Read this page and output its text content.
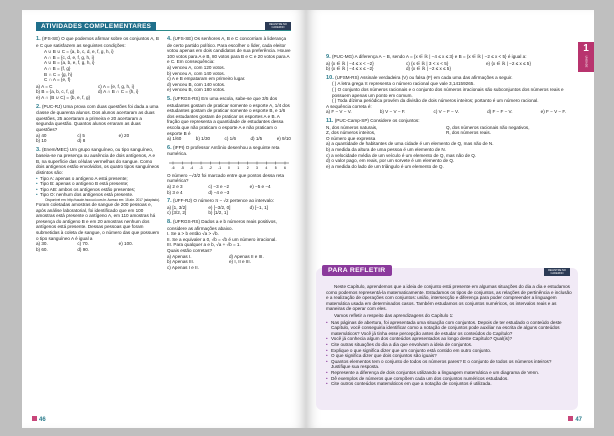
ATIVIDADES COMPLEMENTARES	REGISTRE NO CADERNO
1. (IFS-SE) O que podemos afirmar sobre os conjuntos A, B e C que satisfazem as seguintes condições:
A ∪ B ∪ C = {a, b, c, d, e, f, g, h, i}
A ∩ B = {c, d, e, f, g, h, i}
A ∪ B = {a, b, e, f, g, h, i}
A ∩ B = {f, g}
B ∩ C = {g, h}
C ∩ A = {e, f}
a) A = C	c) A = {e, f, g, h, i}
b) B = {a, b, c, f, g}	d) A ∩ B ∩ C = {h, i}
e) A ∩ (B ∪ C) = {b, e, f, g}
2. (PUC-RJ) Uma prova com duas questões foi dada a uma classe de quarenta alunos. Dos alunos acertaram as duas questões, 25 acertaram a primeira e 20 acertaram a segunda questão. Quantos alunos erraram as duas questões?
a) 40	c) 5	e) 20
b) 10	d) 8
3. (Enem/MEC) Um grupo sanguíneo, ou tipo sanguíneo, baseia-se na presença ou ausência de dois antígenos, A e B, na superfície das células vermelhas do sangue. Como dois antígenos estão envolvidos, os quatro tipos sanguíneos distintos são:
• Tipo A: apenas o antígeno A está presente;
• Tipo B: apenas o antígeno B está presente;
• Tipo AB: ambos os antígenos estão presentes;
• Tipo O: nenhum dos antígenos está presente.
Disponível em: http://saude.hsw.uol.com.br. Acesso em: 15 abr. 2017 (adaptado).
Foram coletadas amostras de sangue de 200 pessoas e, após análise laboratorial, foi identificado que em 100 amostras está presente o antígeno A, em 110 amostras há presença do antígeno B e em 20 amostras nenhum dos antígenos está presente. Dessas pessoas que foram submetidas à coleta de sangue, o número das que possuem o tipo sanguíneo A é igual a
a) 30.	c) 70.	e) 100.
b) 60.	d) 90.
4. (UFS-SE) Os senhores A, B e C concorriam à liderança de certo partido político. Para escolher o líder, cada eleitor votou apenas em dois candidatos de sua preferência. Houve 100 votos para A e B, 80 votos para B e C e 20 votos para A e C. Em consequência:
a) venceu A, com 120 votos.
b) venceu A, com 140 votos.
c) A e B empataram em primeiro lugar.
d) venceu B, com 140 votos.
e) venceu B, com 180 votos.
5. (UFRGS-RS) Em uma escola, sabe-se que 3/5 dos estudantes gostam de praticar somente o esporte A, 1/4 dos estudantes gostam de praticar somente o esporte B, e 1/6 dos estudantes gostam de praticar os esportes A e B. A fração que representa a quantidade de estudantes dessa escola que não praticam o esporte A e não praticam o esporte B é
a) 1/60	b) 1/30	c) 1/6	d) 1/5	e) 9/10
6. (IFPI) O professor Antônio desenhou a seguinte reta numérica.
-6 -5 -4 -3 -2 -1 0 1 2 3 4 5 6
O número −√3/2 foi marcado entre que pontos dessa reta numérica?
a) 2 e 3	c) −3 e −2	e) −5 e −4
b) 3 e 4	d) −4 e −3
7. (UFF-RJ) O número π − √2 pertence ao intervalo:
a) [1, 3/2]	e) [−3/2, 0]	d) [−1, 1]
c) [3/2, 2]	b) [1/2, 1]
8. (UFRGS-RS) Dados a e b números reais positivos, considere as afirmações abaixo.
I. Se a > b então √a > √b.
II. Se a equivaler a 0, √b = √b é um número irracional.
III. Para qualquer a e b, √a + √b = 1.
Quais estão corretas?
a) Apenas I.	d) Apenas II e III.
b) Apenas III.	e) I, II e III.
c) Apenas I e II.
46
1
UNIDADE
9. (PUC-MG) A diferença A − B, sendo A = {x ∈ ℝ | −4 ≤ x ≤ 3} e B = {x ∈ ℝ | −2 ≤ x < 5} é igual a:
a) {x ∈ ℝ | −4 ≤ x < −2}	c) {x ∈ ℝ | 3 < x < 5}	e) {x ∈ ℝ | −2 ≤ x ≤ 5}
b) {x ∈ ℝ | −4 ≤ x ≤ −2}	d) {x ∈ ℝ | −2 ≤ x ≤ 5}
10. (UFSM-RS) Assinale verdadeira (V) ou falsa (F) em cada uma das afirmações a seguir.
( ) A letra grega π representa o número racional que vale 3,14159265.
( ) O conjunto dos números racionais e o conjunto dos números irracionais são subconjuntos dos números reais e possuem apenas um ponto em comum.
( ) Toda dízima periódica provém da divisão de dois números inteiros; portanto é um número racional.
A sequência correta é:
a) F − V − V.	b) V − V − F.	c) V − F − V.	d) F − F − V.	e) F − V − F.
11. (PUC-Camp-SP) Considere os conjuntos:
N, dos números naturais,	Q, dos números racionais não negativos,
Z, dos números inteiros,	R, dos números reais.
O número que expressa
a) a quantidade de habitantes de uma cidade é um elemento de Q, mas não de N.
b) a medida da altura de uma pessoa é um elemento de N.
c) a velocidade média de um veículo é um elemento de Q, mas não de Q.
d) o valor pago, em reais, por um sorvete é um elemento de Q.
e) a medida do lado de um triângulo é um elemento de Q.
PARA REFLETIR	REGISTRE NO CADERNO

Neste Capítulo, aprendemos que a ideia de conjunto está presente em algumas situações do dia a dia e estudamos como podemos representá-la matematicamente. Estudamos os tipos de conjuntos, as relações de pertinência e inclusão e a realização de operações com conjuntos: união, intersecção e diferença para poder compreender a linguagem matemática usada em determinados casos. Também estudamos os conjuntos numéricos, os intervalos reais e as maneiras de operar com eles.

Vamos refletir a respeito das aprendizagens do Capítulo 1:

• Nas páginas de abertura, foi apresentada uma situação com conjuntos. Depois de ter estudado o conteúdo deste Capítulo, você conseguiria identificar como a notação de conjuntos pode auxiliar na escrita de alguns conteúdos matemáticos? Você já tinha esse percepção antes de estudar os conteúdos do Capítulo?
• Você já conhecia algum dos conteúdos apresentados ao longo deste Capítulo? Qual(is)?
• Cite outras situações do dia a dia que envolvam a ideia de conjuntos.
• Explique o que significa dizer que um conjunto está contido em outro conjunto.
• O que significa dizer que dois conjuntos são iguais?
• Quantos elementos tem o conjunto de todos os números pares? E o conjunto de todos os números inteiros? Justifique sua resposta.
• Represente a diferença de dois conjuntos utilizando a linguagem matemática e um diagrama de Venn.
• Dê exemplos de números que compõem cada um dos conjuntos numéricos estudados.
• Cite outros conteúdos matemáticos em que a notação de conjuntos é utilizada.
47
